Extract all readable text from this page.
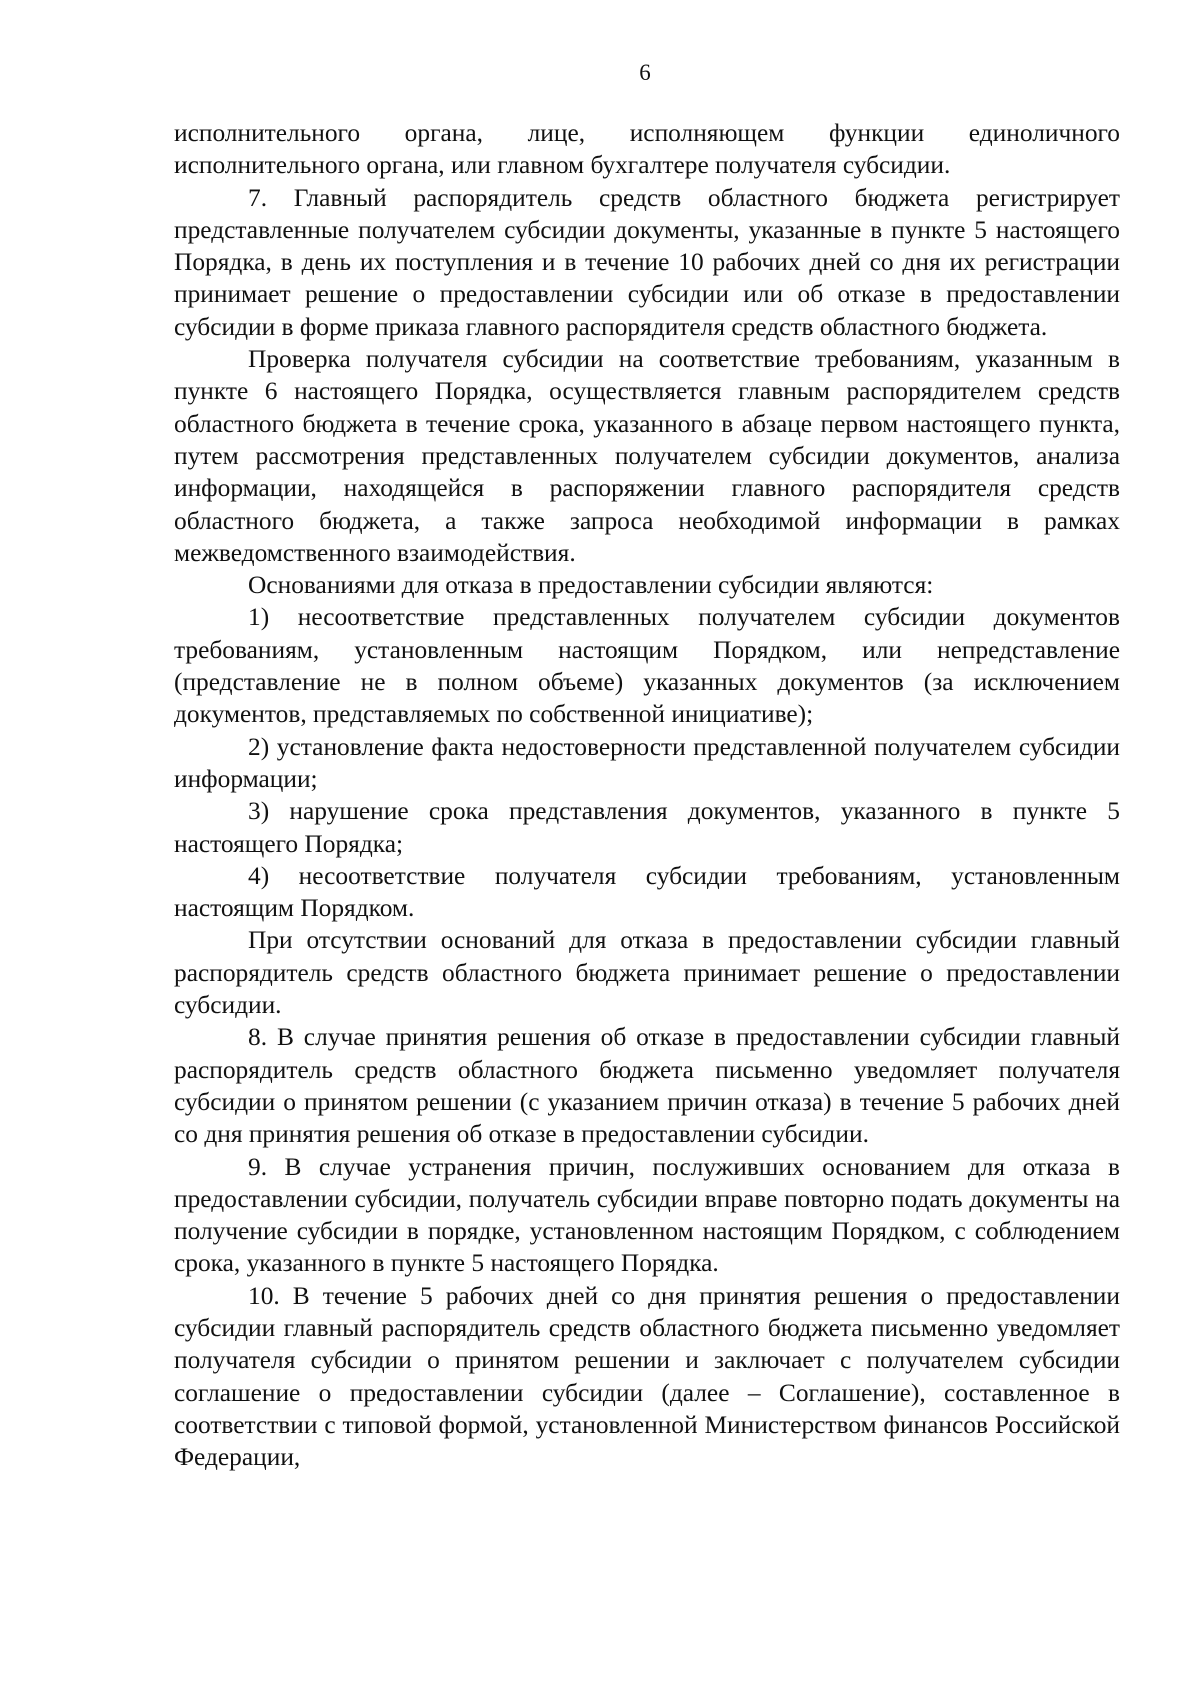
6

исполнительного органа, лице, исполняющем функции единоличного исполнительного органа, или главном бухгалтере получателя субсидии.

7. Главный распорядитель средств областного бюджета регистрирует представленные получателем субсидии документы, указанные в пункте 5 настоящего Порядка, в день их поступления и в течение 10 рабочих дней со дня их регистрации принимает решение о предоставлении субсидии или об отказе в предоставлении субсидии в форме приказа главного распорядителя средств областного бюджета.

Проверка получателя субсидии на соответствие требованиям, указанным в пункте 6 настоящего Порядка, осуществляется главным распорядителем средств областного бюджета в течение срока, указанного в абзаце первом настоящего пункта, путем рассмотрения представленных получателем субсидии документов, анализа информации, находящейся в распоряжении главного распорядителя средств областного бюджета, а также запроса необходимой информации в рамках межведомственного взаимодействия.

Основаниями для отказа в предоставлении субсидии являются:

1) несоответствие представленных получателем субсидии документов требованиям, установленным настоящим Порядком, или непредставление (представление не в полном объеме) указанных документов (за исключением документов, представляемых по собственной инициативе);

2) установление факта недостоверности представленной получателем субсидии информации;

3) нарушение срока представления документов, указанного в пункте 5 настоящего Порядка;

4) несоответствие получателя субсидии требованиям, установленным настоящим Порядком.

При отсутствии оснований для отказа в предоставлении субсидии главный распорядитель средств областного бюджета принимает решение о предоставлении субсидии.

8. В случае принятия решения об отказе в предоставлении субсидии главный распорядитель средств областного бюджета письменно уведомляет получателя субсидии о принятом решении (с указанием причин отказа) в течение 5 рабочих дней со дня принятия решения об отказе в предоставлении субсидии.

9. В случае устранения причин, послуживших основанием для отказа в предоставлении субсидии, получатель субсидии вправе повторно подать документы на получение субсидии в порядке, установленном настоящим Порядком, с соблюдением срока, указанного в пункте 5 настоящего Порядка.

10. В течение 5 рабочих дней со дня принятия решения о предоставлении субсидии главный распорядитель средств областного бюджета письменно уведомляет получателя субсидии о принятом решении и заключает с получателем субсидии соглашение о предоставлении субсидии (далее – Соглашение), составленное в соответствии с типовой формой, установленной Министерством финансов Российской Федерации,
